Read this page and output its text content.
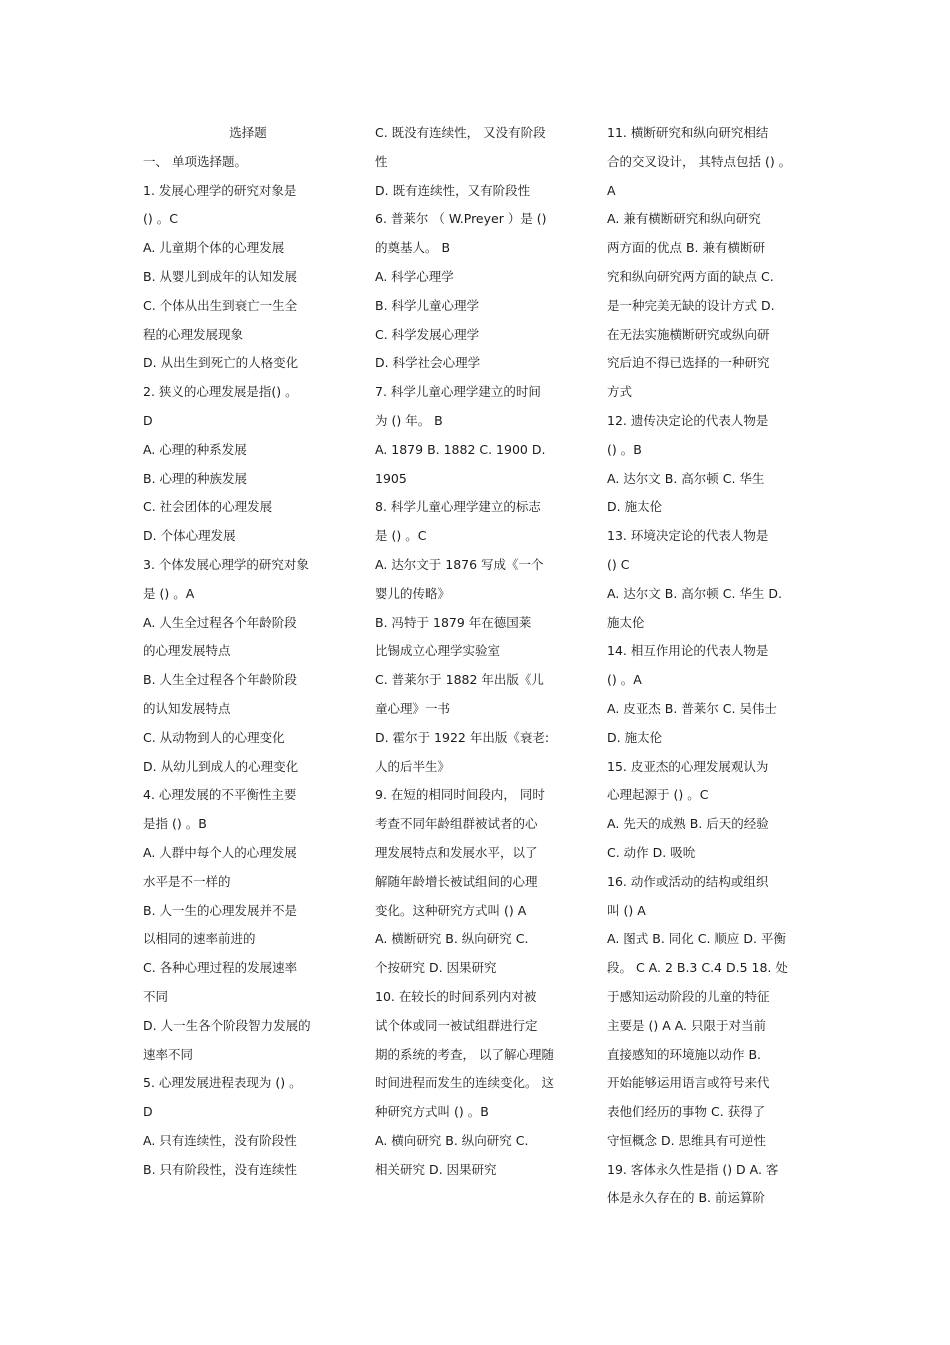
选择题
一、 单项选择题。
1. 发展心理学的研究对象是
() 。C
A. 儿童期个体的心理发展
B. 从婴儿到成年的认知发展
C. 个体从出生到衰亡一生全
程的心理发展现象
D. 从出生到死亡的人格变化
2. 狭义的心理发展是指() 。
D
A. 心理的种系发展
B. 心理的种族发展
C. 社会团体的心理发展
D. 个体心理发展
3. 个体发展心理学的研究对象
是 () 。A
A. 人生全过程各个年龄阶段
的心理发展特点
B. 人生全过程各个年龄阶段
的认知发展特点
C. 从动物到人的心理变化
D. 从幼儿到成人的心理变化
4. 心理发展的不平衡性主要
是指 () 。B
A. 人群中每个人的心理发展
水平是不一样的
B. 人一生的心理发展并不是
以相同的速率前进的
C. 各种心理过程的发展速率
不同
D. 人一生各个阶段智力发展的
速率不同
5. 心理发展进程表现为 () 。
D
A. 只有连续性，没有阶段性
B. 只有阶段性，没有连续性
C. 既没有连续性， 又没有阶段
性
D. 既有连续性，又有阶段性
6. 普莱尔 （ W.Preyer ）是 ()
的奠基人。 B
A. 科学心理学
B. 科学儿童心理学
C. 科学发展心理学
D. 科学社会心理学
7. 科学儿童心理学建立的时间
为 () 年。 B
A. 1879 B. 1882 C. 1900 D.
1905
8. 科学儿童心理学建立的标志
是 () 。C
A. 达尔文于 1876 写成《一个
婴儿的传略》
B. 冯特于 1879 年在德国莱
比锡成立心理学实验室
C. 普莱尔于 1882 年出版《儿
童心理》一书
D. 霍尔于 1922 年出版《衰老:
人的后半生》
9. 在短的相同时间段内， 同时
考查不同年龄组群被试者的心
理发展特点和发展水平，以了
解随年龄增长被试组间的心理
变化。这种研究方式叫 () A
A. 横断研究 B. 纵向研究 C.
个按研究 D. 因果研究
10. 在较长的时间系列内对被
试个体或同一被试组群进行定
期的系统的考查， 以了解心理随
时间进程而发生的连续变化。 这
种研究方式叫 () 。B
A. 横向研究 B. 纵向研究 C.
相关研究 D. 因果研究
11. 横断研究和纵向研究相结
合的交叉设计， 其特点包括 () 。
A
A. 兼有横断研究和纵向研究
两方面的优点 B. 兼有横断研
究和纵向研究两方面的缺点 C.
是一种完美无缺的设计方式 D.
在无法实施横断研究或纵向研
究后迫不得已选择的一种研究
方式
12. 遗传决定论的代表人物是
() 。B
A. 达尔文 B. 高尔顿 C. 华生
D. 施太伦
13. 环境决定论的代表人物是
() C
A. 达尔文 B. 高尔顿 C. 华生 D.
施太伦
14. 相互作用论的代表人物是
() 。A
A. 皮亚杰 B. 普莱尔 C. 吴伟士
D. 施太伦
15. 皮亚杰的心理发展观认为
心理起源于 () 。C
A. 先天的成熟 B. 后天的经验
C. 动作 D. 吸吮
16. 动作或活动的结构或组织
叫 () A
A. 图式 B. 同化 C. 顺应 D. 平衡
段。 C A. 2 B.3 C.4 D.5 18. 处
于感知运动阶段的儿童的特征
主要是 () A A. 只限于对当前
直接感知的环境施以动作 B.
开始能够运用语言或符号来代
表他们经历的事物 C. 获得了
守恒概念 D. 思维具有可逆性
19. 客体永久性是指 () D A. 客
体是永久存在的 B. 前运算阶
